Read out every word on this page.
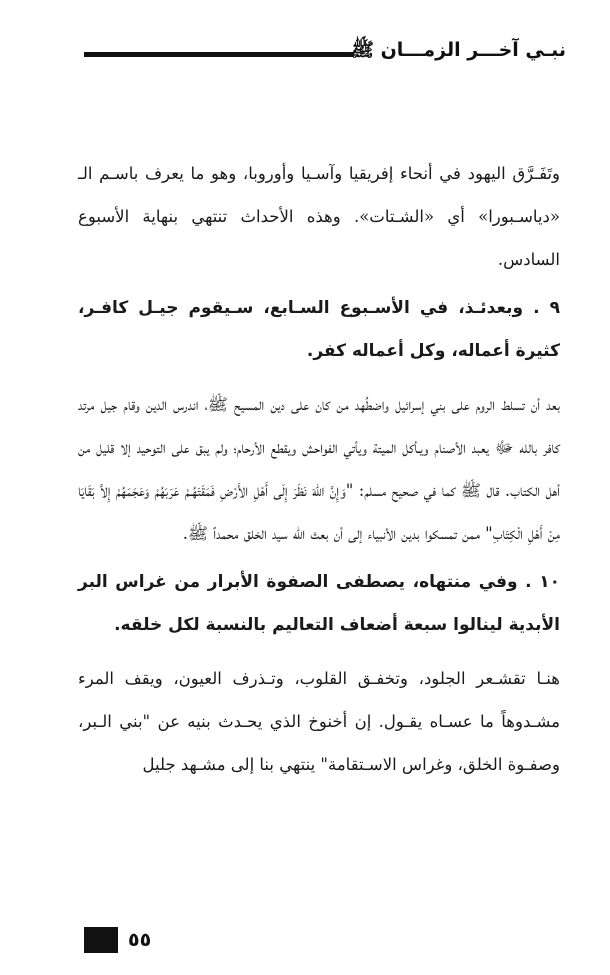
نبـي آخـــر الزمـــان ﷺ

وتَفَـرَّق اليهود في أنحاء إفريقيا وآسـيا وأوروبا، وهو ما يعرف باسـم الـ «دياسـبورا» أي «الشـتات». وهذه الأحداث تنتهي بنهاية الأسبوع السادس.

٩ . وبعدئـذ، في الأسـبوع السـابع، سـيقوم جيـل كافـر، كثيرة أعماله، وكل أعماله كفر.

بعد أن تسلط الروم على بني إسرائيل واضطُهد من كان على دين المسيح ﷺ، اندرس الدين وقام جيل مرتد كافر بالله ﷻ يعبد الأصنام ويـأكل الميتة ويأتي الفواحش ويقطع الأرحام؛ ولم يبق على التوحيد إلا قليل من أهل الكتاب. قال ﷺ كما في صحيح مسلم: "وَإِنَّ اللهَ نَظَرَ إِلَى أَهْلِ الأَرْضِ فَمَقَتَهُـمْ عَرَبَهُمْ وَعَجَمَهُمْ إِلاَّ بَقَايَا مِنْ أَهْلِ الْكِتَابِ" ممن تمسكوا بدين الأنبياء إلى أن بعث الله سيد الخلق محمداً ﷺ.

١٠ . وفي منتهاه، يصطفى الصفوة الأبرار من غراس البر الأبدية لينالوا سبعة أضعاف التعاليم بالنسبة لكل خلقه.

هنـا تقشـعر الجلود، وتخفـق القلوب، وتـذرف العيون، ويقف المرء مشـدوهاً ما عسـاه يقـول. إن أخنوخ الذي يحـدث بنيه عن "بني الـبر، وصفـوة الخلق، وغراس الاسـتقامة" ينتهي بنا إلى مشـهد جليل

٥٥
